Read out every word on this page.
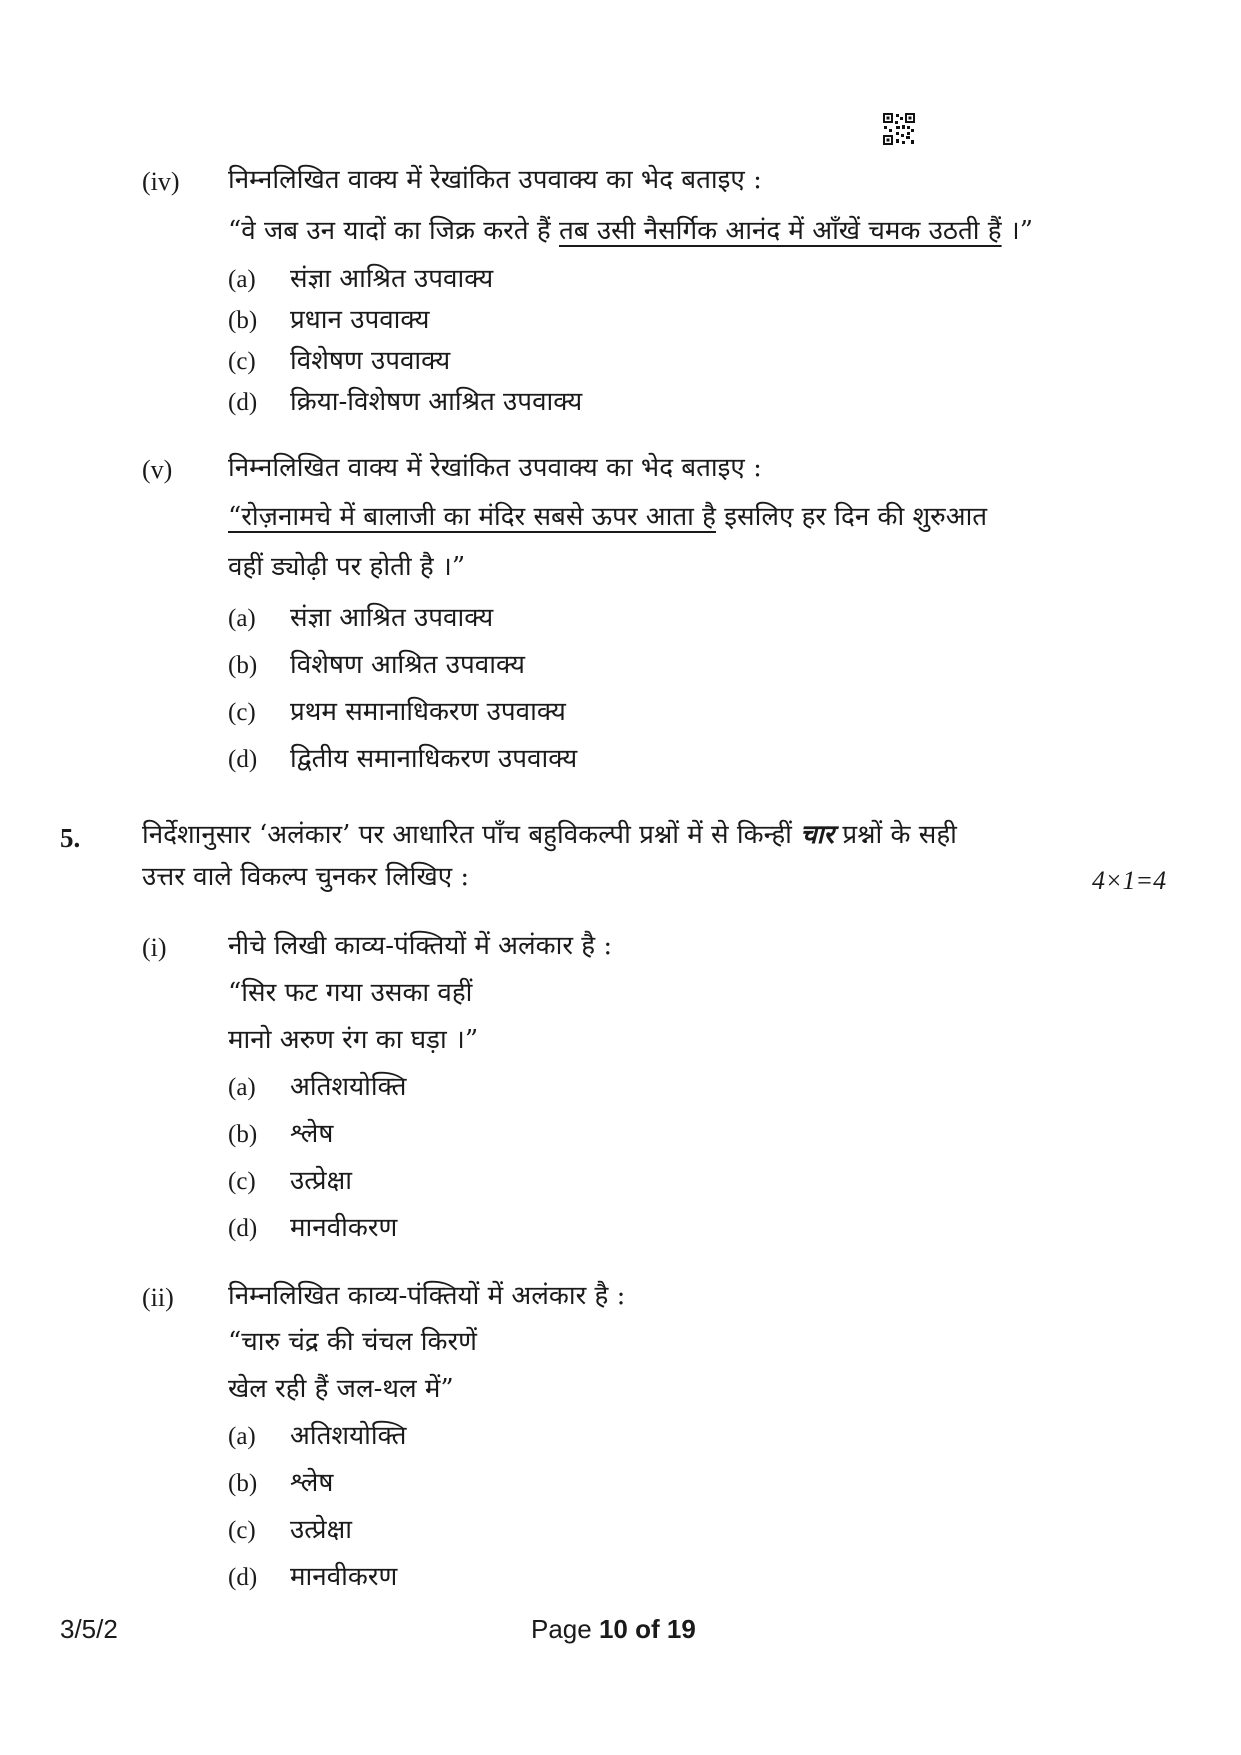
(iv) निम्नलिखित वाक्य में रेखांकित उपवाक्य का भेद बताइए :
“वे जब उन यादों का जिक्र करते हैं तब उसी नैसर्गिक आनंद में आँखें चमक उठती हैं ।”
(a) संज्ञा आश्रित उपवाक्य
(b) प्रधान उपवाक्य
(c) विशेषण उपवाक्य
(d) क्रिया-विशेषण आश्रित उपवाक्य
(v) निम्नलिखित वाक्य में रेखांकित उपवाक्य का भेद बताइए :
“रोज़नामचे में बालाजी का मंदिर सबसे ऊपर आता है इसलिए हर दिन की शुरुआत
वहीं ड्योढ़ी पर होती है ।”
(a) संज्ञा आश्रित उपवाक्य
(b) विशेषण आश्रित उपवाक्य
(c) प्रथम समानाधिकरण उपवाक्य
(d) द्वितीय समानाधिकरण उपवाक्य
5. निर्देशानुसार ‘अलंकार’ पर आधारित पाँच बहुविकल्पी प्रश्नों में से किन्हीं चार प्रश्नों के सही
उत्तर वाले विकल्प चुनकर लिखिए :	4×1=4
(i) नीचे लिखी काव्य-पंक्तियों में अलंकार है :
“सिर फट गया उसका वहीं
मानो अरुण रंग का घड़ा ।”
(a) अतिशयोक्ति
(b) श्लेष
(c) उत्प्रेक्षा
(d) मानवीकरण
(ii) निम्नलिखित काव्य-पंक्तियों में अलंकार है :
“चारु चंद्र की चंचल किरणें
खेल रही हैं जल-थल में”
(a) अतिशयोक्ति
(b) श्लेष
(c) उत्प्रेक्षा
(d) मानवीकरण
3/5/2	Page 10 of 19
